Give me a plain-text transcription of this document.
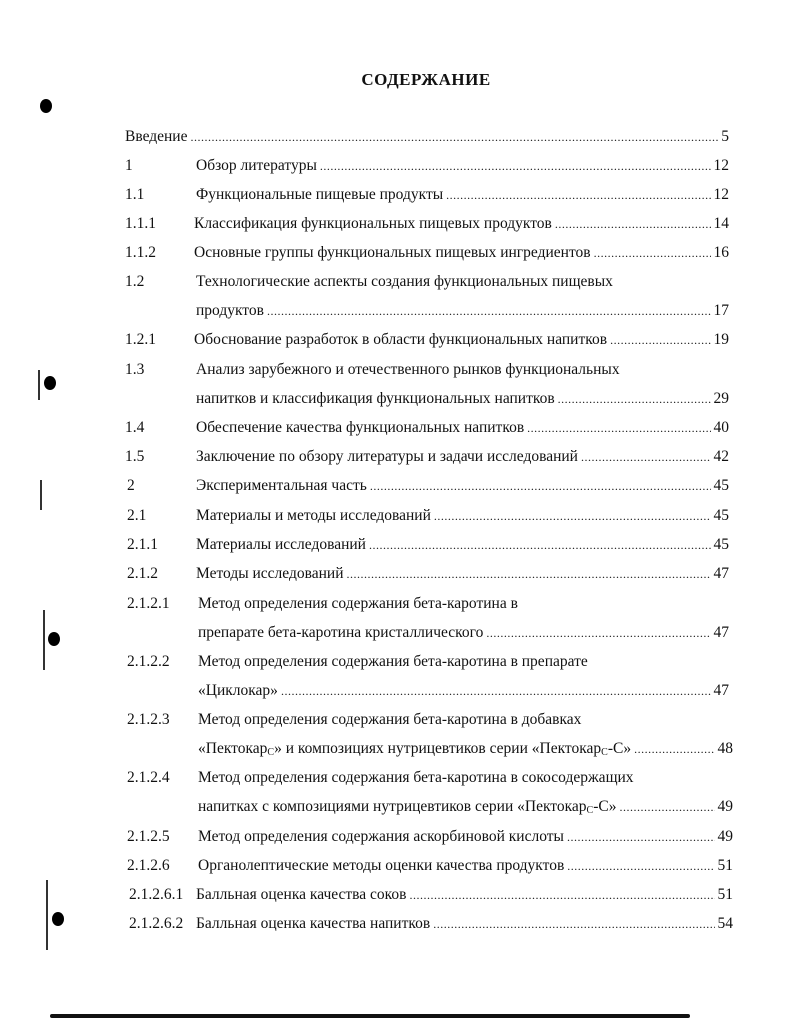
СОДЕРЖАНИЕ
Введение .....	5
1	Обзор литературы .....	12
1.1	Функциональные пищевые продукты .....	12
1.1.1 Классификация функциональных пищевых продуктов .....	14
1.1.2 Основные группы функциональных пищевых ингредиентов .....	16
1.2	Технологические аспекты создания функциональных пищевых
продуктов .....	17
1.2.1 Обоснование разработок в области функциональных напитков .....	19
1.3	Анализ зарубежного и отечественного рынков функциональных
напитков и классификация функциональных напитков .....	29
1.4	Обеспечение качества функциональных напитков .....	40
1.5	Заключение по обзору литературы и задачи исследований .....	42
2	Экспериментальная часть .....	45
2.1	Материалы и методы исследований .....	45
2.1.1 Материалы исследований .....	45
2.1.2 Методы исследований .....	47
2.1.2.1 Метод определения содержания бета-каротина в
препарате бета-каротина кристаллического .....	47
2.1.2.2 Метод определения содержания бета-каротина в препарате
«Циклокар» .....	47
2.1.2.3 Метод определения содержания бета-каротина в добавках
«Пектокар$_C$» и композициях нутрицевтиков серии «Пектокар$_C$-С» .....	48
2.1.2.4 Метод определения содержания бета-каротина в сокосодержащих
напитках с композициями нутрицевтиков серии «Пектокар$_C$-С» .....	49
2.1.2.5 Метод определения содержания аскорбиновой кислоты .....	49
2.1.2.6 Органолептические методы оценки качества продуктов .....	51
2.1.2.6.1 Балльная оценка качества соков .....	51
2.1.2.6.2 Балльная оценка качества напитков .....	54
